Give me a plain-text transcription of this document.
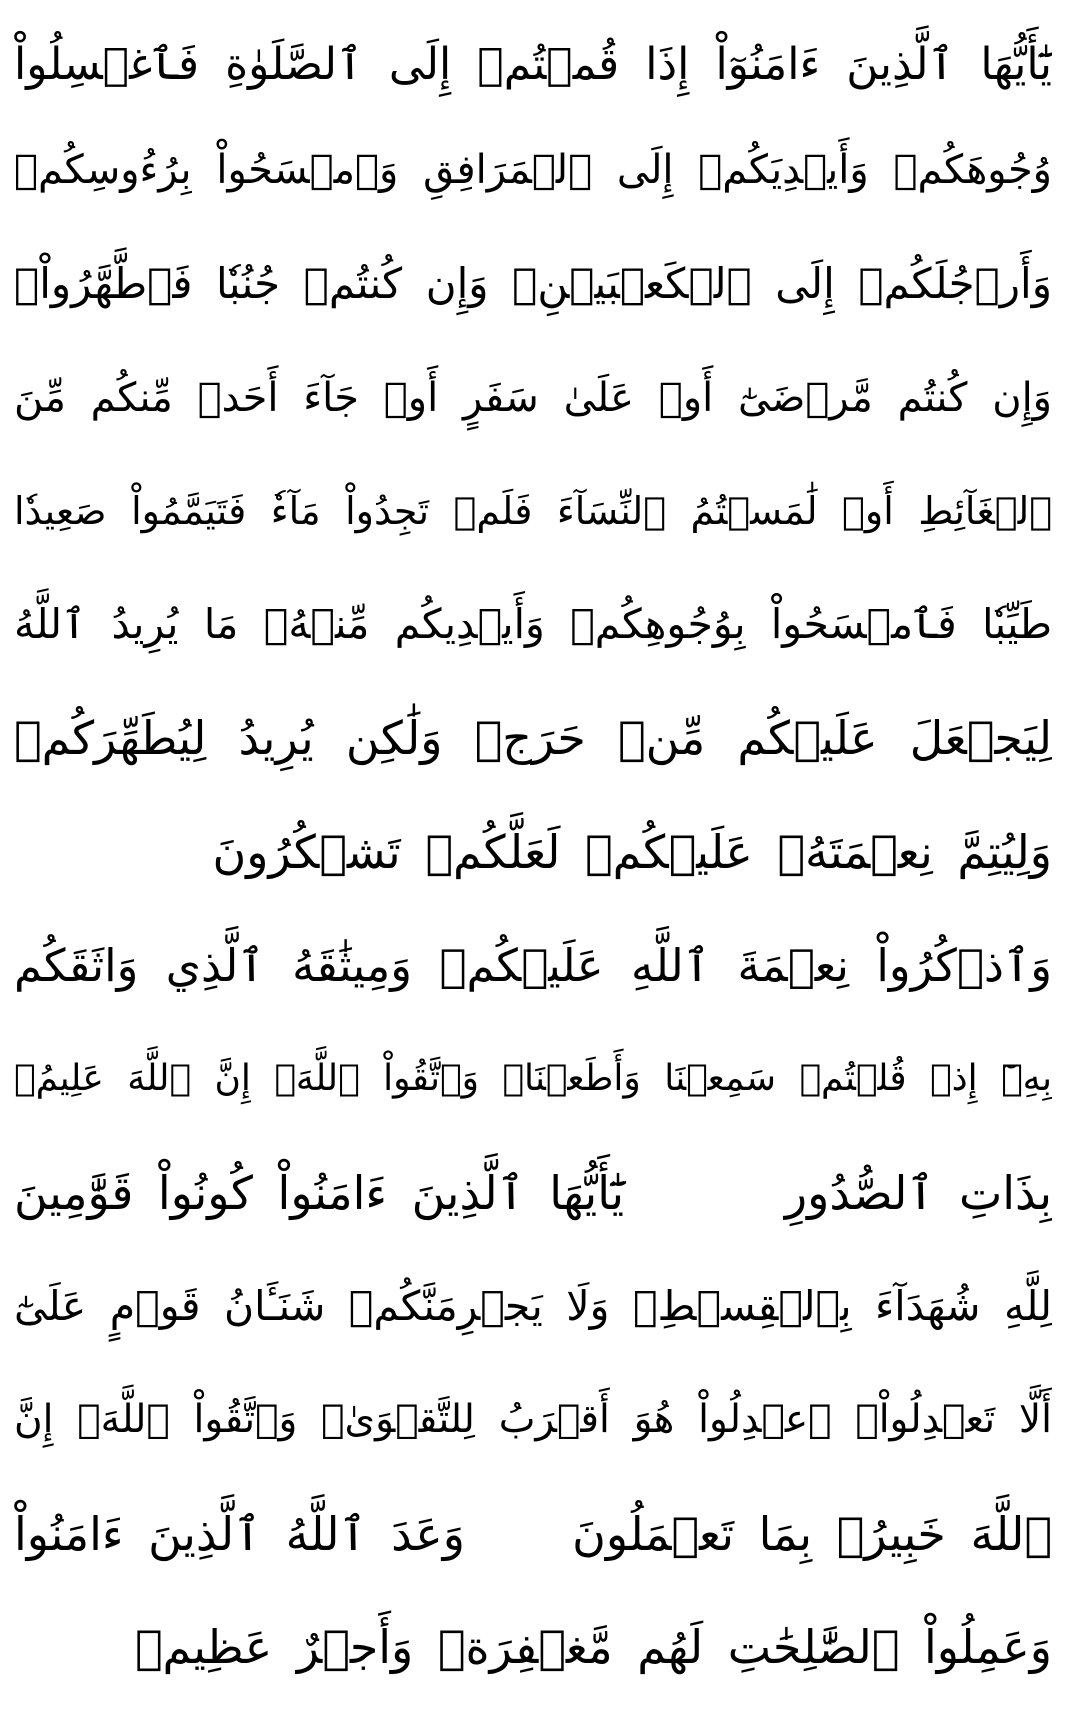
يَٰٓأَيُّهَا ٱلَّذِينَ ءَامَنُوٓاْ إِذَا قُمۡتُمۡ إِلَى ٱلصَّلَوٰةِ فَٱغۡسِلُواْ
وُجُوهَكُمۡ وَأَيۡدِيَكُمۡ إِلَى ٱلۡمَرَافِقِ وَٱمۡسَحُواْ بِرُءُوسِكُمۡ
وَأَرۡجُلَكُمۡ إِلَى ٱلۡكَعۡبَيۡنِۚ وَإِن كُنتُمۡ جُنُبٗا فَٱطَّهَّرُواْۚ
وَإِن كُنتُم مَّرۡضَىٰٓ أَوۡ عَلَىٰ سَفَرٍ أَوۡ جَآءَ أَحَدٞ مِّنكُم مِّنَ
ٱلۡغَآئِطِ أَوۡ لَٰمَسۡتُمُ ٱلنِّسَآءَ فَلَمۡ تَجِدُواْ مَآءٗ فَتَيَمَّمُواْ صَعِيدٗا
طَيِّبٗا فَٱمۡسَحُواْ بِوُجُوهِكُمۡ وَأَيۡدِيكُم مِّنۡهُۚ مَا يُرِيدُ ٱللَّهُ
لِيَجۡعَلَ عَلَيۡكُم مِّنۡ حَرَجٖ وَلَٰكِن يُرِيدُ لِيُطَهِّرَكُمۡ
وَلِيُتِمَّ نِعۡمَتَهُۥ عَلَيۡكُمۡ لَعَلَّكُمۡ تَشۡكُرُونَ
وَٱذۡكُرُواْ نِعۡمَةَ ٱللَّهِ عَلَيۡكُمۡ وَمِيثَٰقَهُ ٱلَّذِي وَاثَقَكُم
بِهِۦٓ إِذۡ قُلۡتُمۡ سَمِعۡنَا وَأَطَعۡنَاۖ وَٱتَّقُواْ ٱللَّهَۚ إِنَّ ٱللَّهَ عَلِيمُۢ
بِذَاتِ ٱلصُّدُورِ
يَٰٓأَيُّهَا ٱلَّذِينَ ءَامَنُواْ كُونُواْ قَوَّٰمِينَ
لِلَّهِ شُهَدَآءَ بِٱلۡقِسۡطِۖ وَلَا يَجۡرِمَنَّكُمۡ شَنَـَٔانُ قَوۡمٍ عَلَىٰٓ
أَلَّا تَعۡدِلُواْۚ ٱعۡدِلُواْ هُوَ أَقۡرَبُ لِلتَّقۡوَىٰۖ وَٱتَّقُواْ ٱللَّهَۚ إِنَّ
ٱللَّهَ خَبِيرُۢ بِمَا تَعۡمَلُونَ
وَعَدَ ٱللَّهُ ٱلَّذِينَ ءَامَنُواْ
وَعَمِلُواْ ٱلصَّٰلِحَٰتِ لَهُم مَّغۡفِرَةٞ وَأَجۡرٌ عَظِيمٞ
